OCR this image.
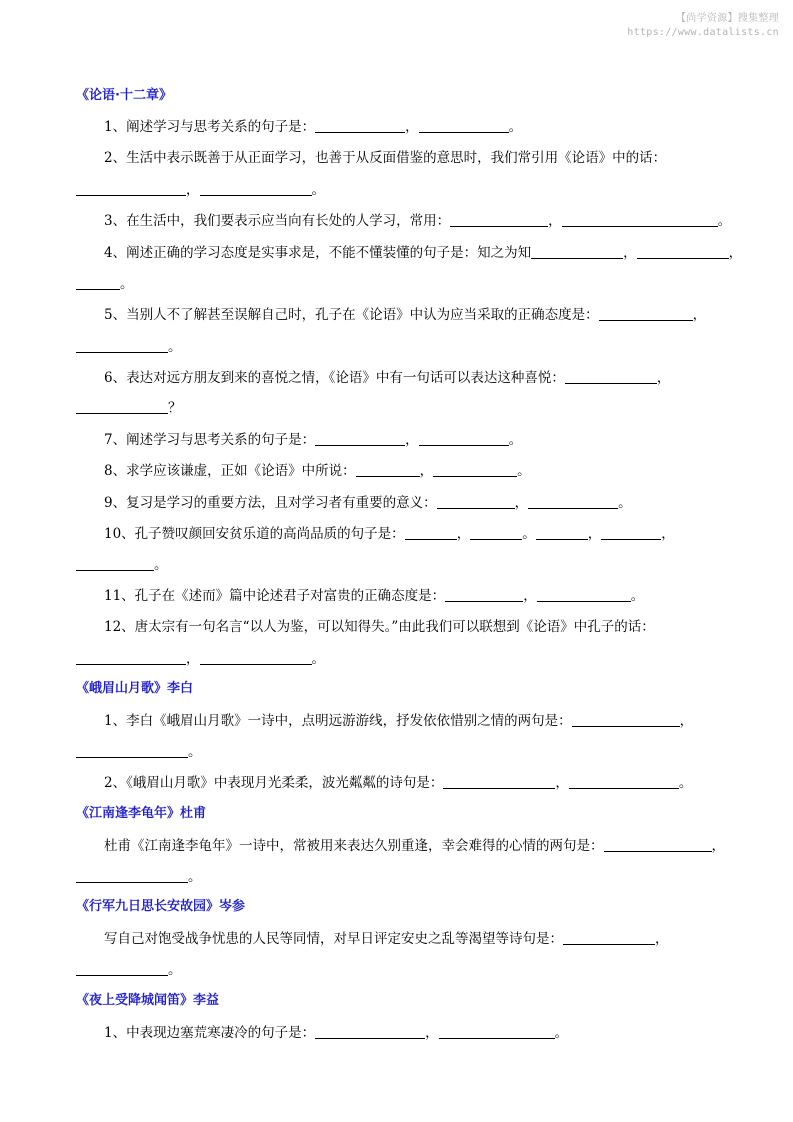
【尚学资源】搜集整理
https://www.datalists.cn
《论语·十二章》
1、阐述学习与思考关系的句子是：	，	。
2、生活中表示既善于从正面学习，也善于从反面借鉴的意思时，我们常引用《论语》中的话：
，	。
3、在生活中，我们要表示应当向有长处的人学习，常用：	，	。
4、阐述正确的学习态度是实事求是，不能不懂装懂的句子是：知之为知	，	，
。
5、当别人不了解甚至误解自己时，孔子在《论语》中认为应当采取的正确态度是：	，
。
6、表达对远方朋友到来的喜悦之情，《论语》中有一句话可以表达这种喜悦：	，
？
7、阐述学习与思考关系的句子是：	，	。
8、求学应该谦虚，正如《论语》中所说：	，	。
9、复习是学习的重要方法，且对学习者有重要的意义：	，	。
10、孔子赞叹颜回安贫乐道的高尚品质的句子是：	，	。	，	，
。
11、孔子在《述而》篇中论述君子对富贵的正确态度是：	，	。
12、唐太宗有一句名言“以人为鉴，可以知得失。”由此我们可以联想到《论语》中孔子的话：
，	。
《峨眉山月歌》李白
1、李白《峨眉山月歌》一诗中，点明远游游线，抒发依依惜别之情的两句是：	，
。
2、《峨眉山月歌》中表现月光柔柔，波光粼粼的诗句是：	，	。
《江南逢李龟年》杜甫
杜甫《江南逢李龟年》一诗中，常被用来表达久别重逢，幸会难得的心情的两句是：	，
。
《行军九日思长安故园》岑参
写自己对饱受战争忧患的人民等同情，对早日评定安史之乱等渴望等诗句是：	，
。
《夜上受降城闻笛》李益
1、中表现边塞荒寒凄冷的句子是：	，	。
